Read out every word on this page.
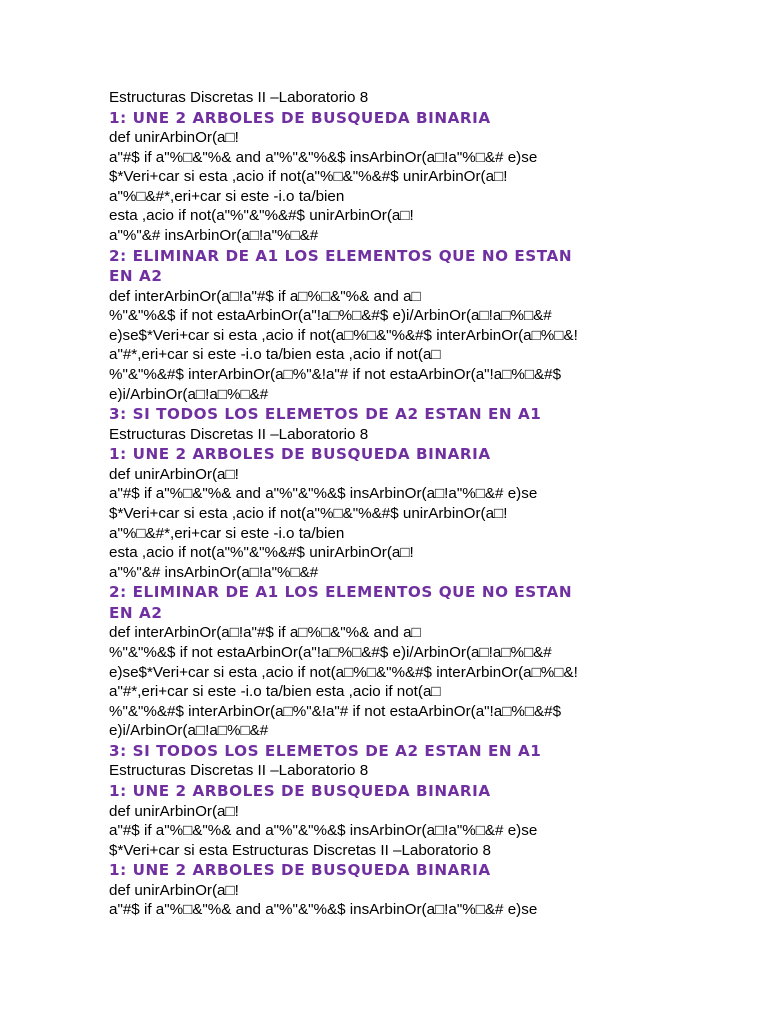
Estructuras Discretas II –Laboratorio 8
1: UNE 2 ARBOLES DE BUSQUEDA BINARIA
def unirArbinOr(a□!
a"#$ if a"%□&"%& and a"%"&"%&$ insArbinOr(a□!a"%□&# e)se
$*Veri+car si esta ,acio if not(a"%□&"%&#$ unirArbinOr(a□!
a"%□&#*,eri+car si este -i.o ta/bien
esta ,acio if not(a"%"&"%&#$ unirArbinOr(a□!
a"%"&# insArbinOr(a□!a"%□&#
2: ELIMINAR DE A1 LOS ELEMENTOS QUE NO ESTAN
EN A2
def interArbinOr(a□!a"#$ if a□%□&"%& and a□
%"&"%&$ if not estaArbinOr(a"!a□%□&#$ e)i/ArbinOr(a□!a□%□&#
e)se$*Veri+car si esta ,acio if not(a□%□&"%&#$ interArbinOr(a□%□&!
a"#*,eri+car si este -i.o ta/bien esta ,acio if not(a□
%"&"%&#$ interArbinOr(a□%"&!a"# if not estaArbinOr(a"!a□%□&#$
e)i/ArbinOr(a□!a□%□&#
3: SI TODOS LOS ELEMETOS DE A2 ESTAN EN A1
Estructuras Discretas II –Laboratorio 8
1: UNE 2 ARBOLES DE BUSQUEDA BINARIA
def unirArbinOr(a□!
a"#$ if a"%□&"%& and a"%"&"%&$ insArbinOr(a□!a"%□&# e)se
$*Veri+car si esta ,acio if not(a"%□&"%&#$ unirArbinOr(a□!
a"%□&#*,eri+car si este -i.o ta/bien
esta ,acio if not(a"%"&"%&#$ unirArbinOr(a□!
a"%"&# insArbinOr(a□!a"%□&#
2: ELIMINAR DE A1 LOS ELEMENTOS QUE NO ESTAN
EN A2
def interArbinOr(a□!a"#$ if a□%□&"%& and a□
%"&"%&$ if not estaArbinOr(a"!a□%□&#$ e)i/ArbinOr(a□!a□%□&#
e)se$*Veri+car si esta ,acio if not(a□%□&"%&#$ interArbinOr(a□%□&!
a"#*,eri+car si este -i.o ta/bien esta ,acio if not(a□
%"&"%&#$ interArbinOr(a□%"&!a"# if not estaArbinOr(a"!a□%□&#$
e)i/ArbinOr(a□!a□%□&#
3: SI TODOS LOS ELEMETOS DE A2 ESTAN EN A1
Estructuras Discretas II –Laboratorio 8
1: UNE 2 ARBOLES DE BUSQUEDA BINARIA
def unirArbinOr(a□!
a"#$ if a"%□&"%& and a"%"&"%&$ insArbinOr(a□!a"%□&# e)se
$*Veri+car si esta Estructuras Discretas II –Laboratorio 8
1: UNE 2 ARBOLES DE BUSQUEDA BINARIA
def unirArbinOr(a□!
a"#$ if a"%□&"%& and a"%"&"%&$ insArbinOr(a□!a"%□&# e)se
